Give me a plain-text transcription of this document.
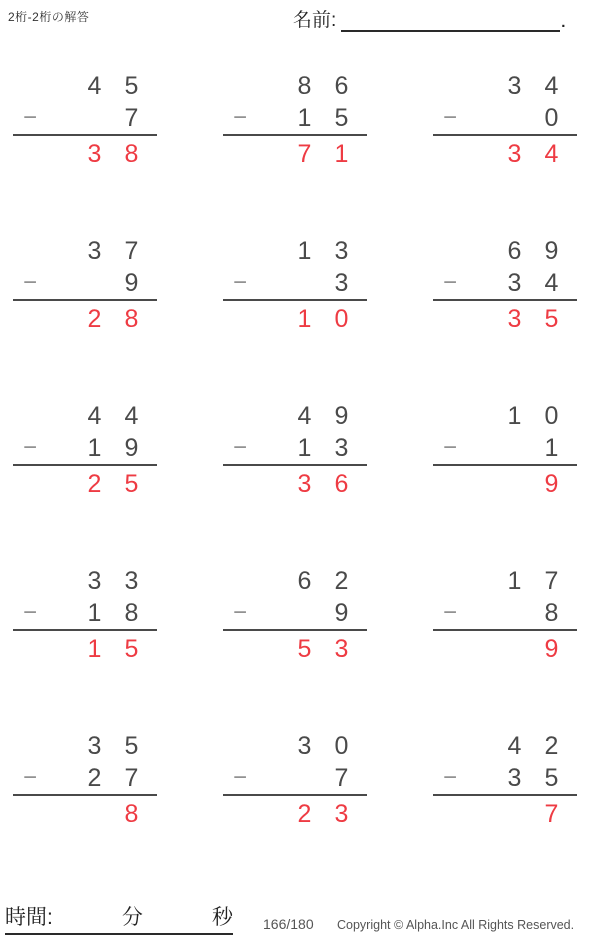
2桁-2桁の解答	名前:	.
4 5
−	7
3 8
8 6
−	1 5
7 1
3 4
−	0
3 4
3 7
−	9
2 8
1 3
−	3
1 0
6 9
−	3 4
3 5
4 4
−	1 9
2 5
4 9
−	1 3
3 6
1 0
−	1
9
3 3
−	1 8
1 5
6 2
−	9
5 3
1 7
−	8
9
3 5
−	2 7
8
3 0
−	7
2 3
4 2
−	3 5
7
時間:	分	秒 166/180 Copyright © Alpha.Inc All Rights Reserved.
